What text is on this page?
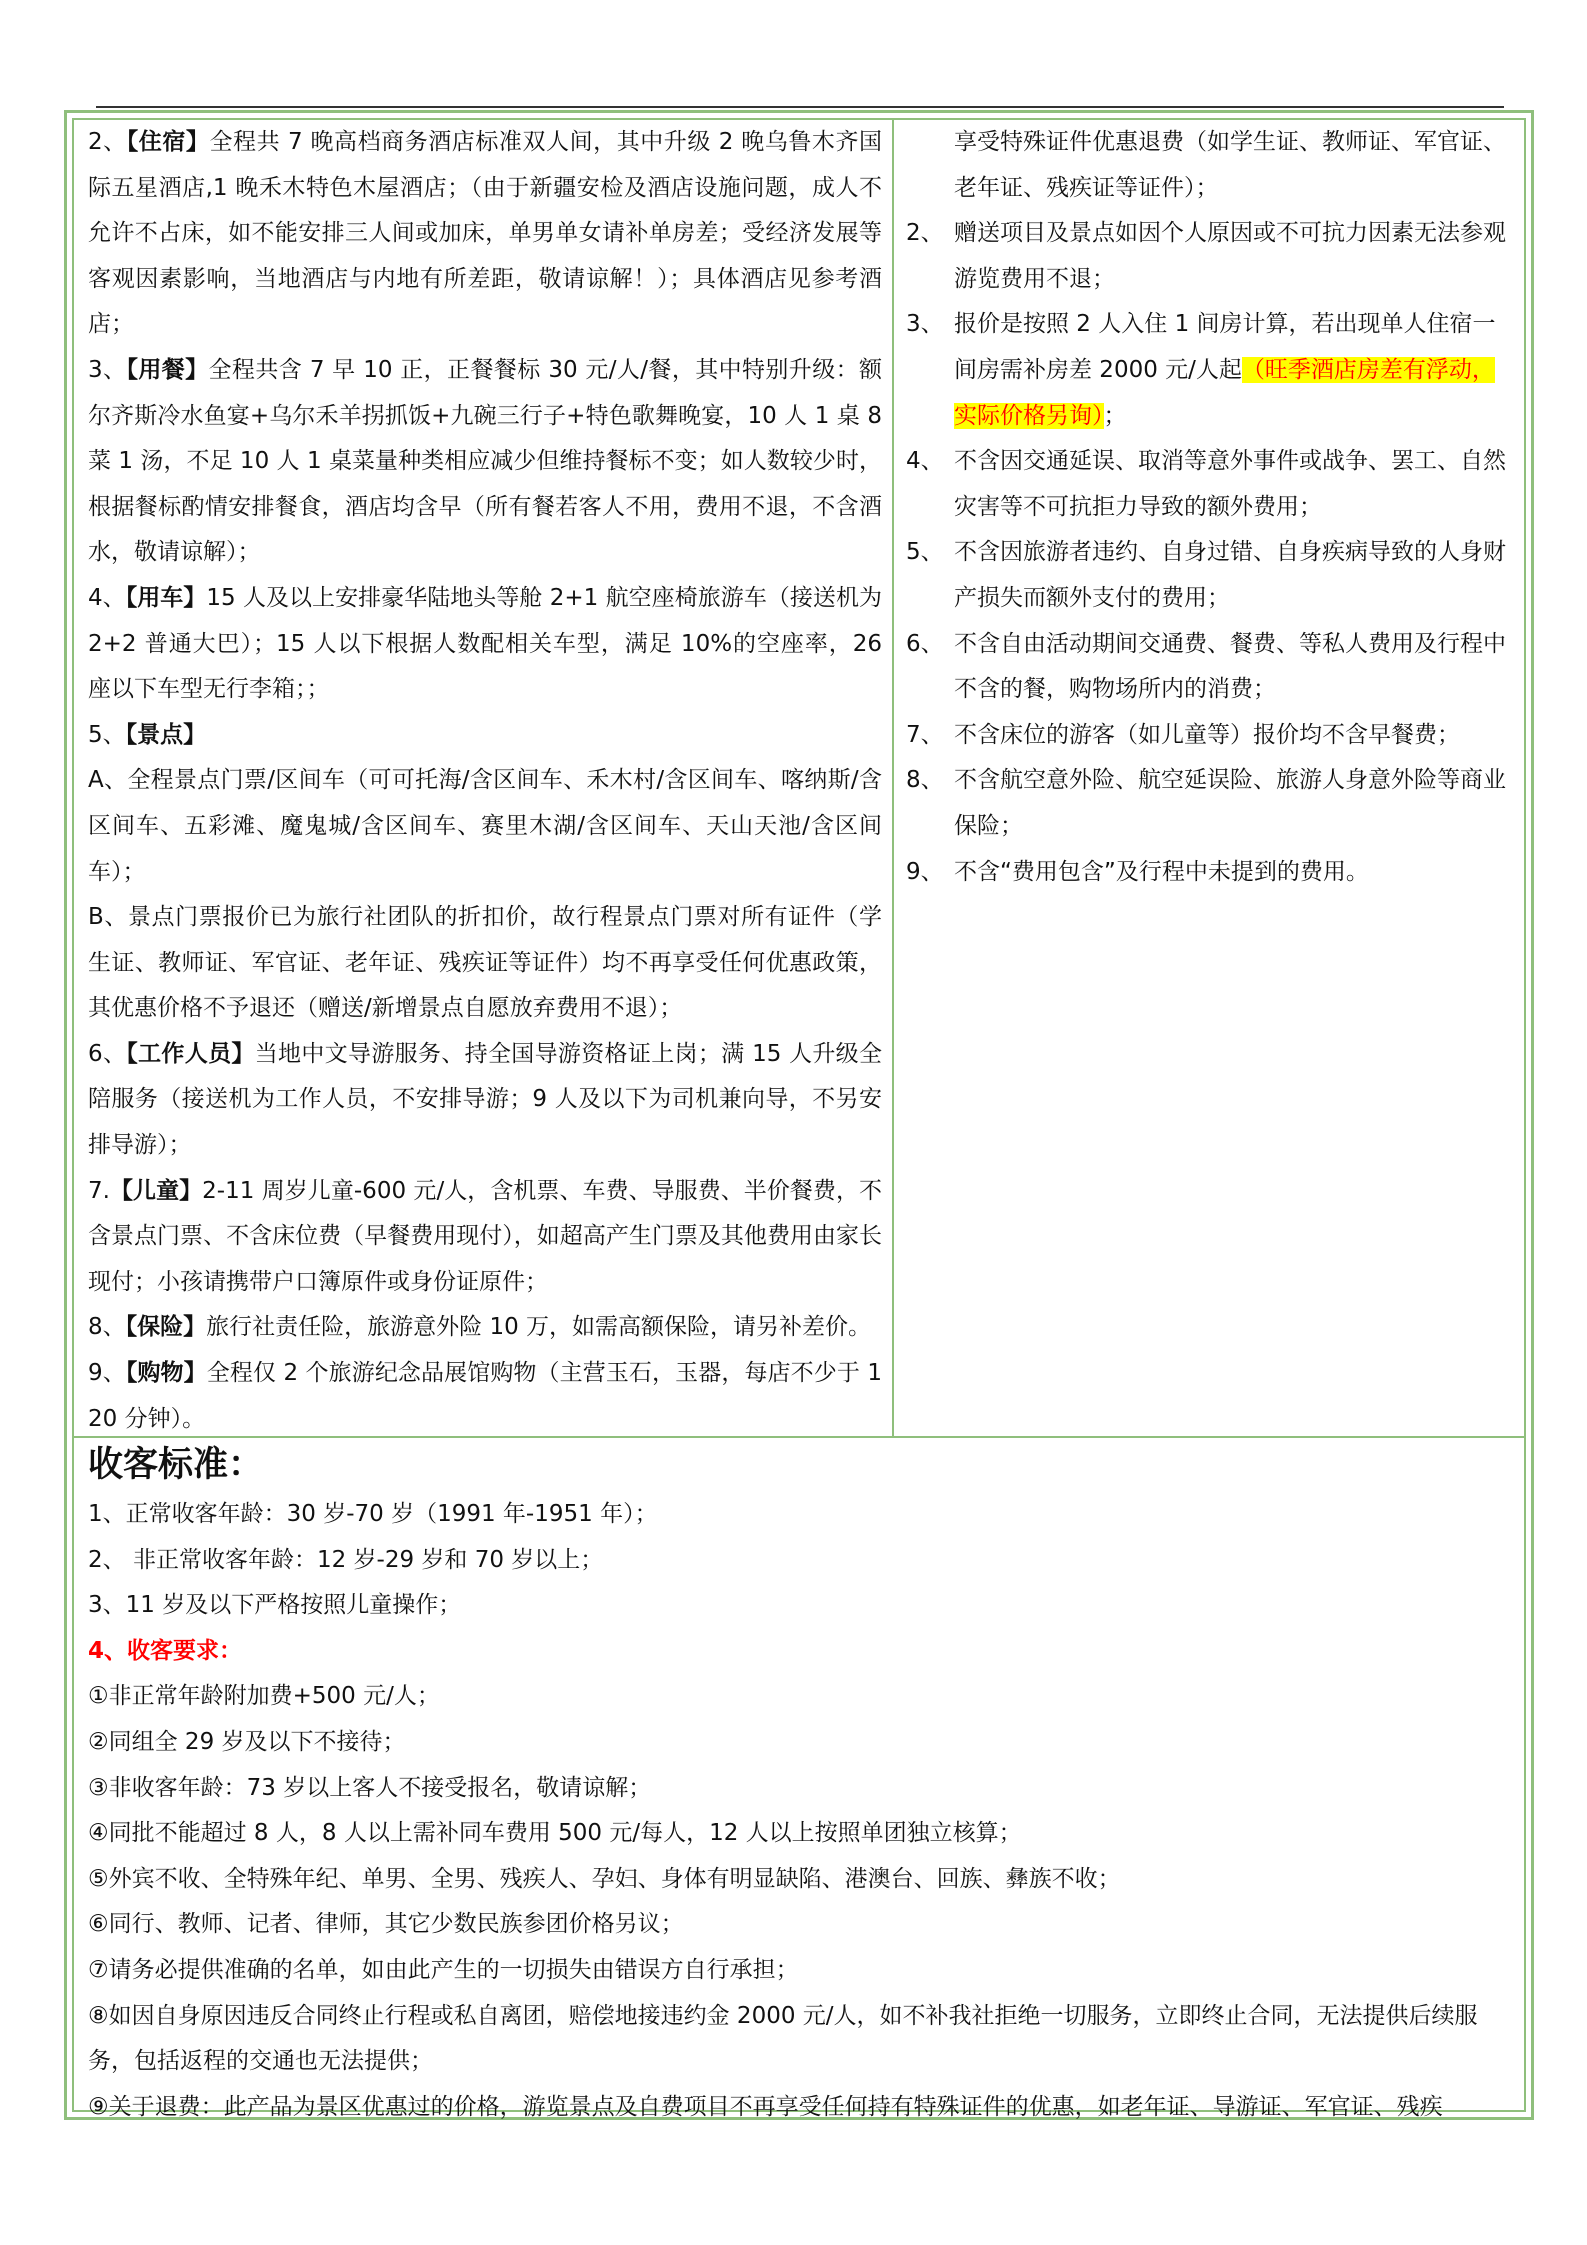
2、【住宿】全程共 7 晚高档商务酒店标准双人间，其中升级 2 晚乌鲁木齐国际五星酒店,1 晚禾木特色木屋酒店；（由于新疆安检及酒店设施问题，成人不允许不占床，如不能安排三人间或加床，单男单女请补单房差；受经济发展等客观因素影响，当地酒店与内地有所差距，敬请谅解！）；具体酒店见参考酒店；

3、【用餐】全程共含 7 早 10 正，正餐餐标 30 元/人/餐，其中特别升级：额尔齐斯冷水鱼宴+乌尔禾羊拐抓饭+九碗三行子+特色歌舞晚宴，10 人 1 桌 8 菜 1 汤，不足 10 人 1 桌菜量种类相应减少但维持餐标不变；如人数较少时，根据餐标酌情安排餐食，酒店均含早（所有餐若客人不用，费用不退，不含酒水，敬请谅解）；

4、【用车】15 人及以上安排豪华陆地头等舱 2+1 航空座椅旅游车（接送机为 2+2 普通大巴）；15 人以下根据人数配相关车型，满足 10%的空座率，26 座以下车型无行李箱；；

5、【景点】

A、全程景点门票/区间车（可可托海/含区间车、禾木村/含区间车、喀纳斯/含区间车、五彩滩、魔鬼城/含区间车、赛里木湖/含区间车、天山天池/含区间车）；

B、景点门票报价已为旅行社团队的折扣价，故行程景点门票对所有证件（学生证、教师证、军官证、老年证、残疾证等证件）均不再享受任何优惠政策，其优惠价格不予退还（赠送/新增景点自愿放弃费用不退）；

6、【工作人员】当地中文导游服务、持全国导游资格证上岗；满 15 人升级全陪服务（接送机为工作人员，不安排导游；9 人及以下为司机兼向导，不另安排导游）；

7.【儿童】2-11 周岁儿童-600 元/人，含机票、车费、导服费、半价餐费，不含景点门票、不含床位费（早餐费用现付），如超高产生门票及其他费用由家长现付；小孩请携带户口簿原件或身份证原件；

8、【保险】旅行社责任险，旅游意外险 10 万，如需高额保险，请另补差价。

9、【购物】全程仅 2 个旅游纪念品展馆购物（主营玉石，玉器，每店不少于 120 分钟）。

享受特殊证件优惠退费（如学生证、教师证、军官证、老年证、残疾证等证件）；
2、 赠送项目及景点如因个人原因或不可抗力因素无法参观游览费用不退；
3、 报价是按照 2 人入住 1 间房计算，若出现单人住宿一间房需补房差 2000 元/人起（旺季酒店房差有浮动，实际价格另询）；
4、 不含因交通延误、取消等意外事件或战争、罢工、自然灾害等不可抗拒力导致的额外费用；
5、 不含因旅游者违约、自身过错、自身疾病导致的人身财产损失而额外支付的费用；
6、 不含自由活动期间交通费、餐费、等私人费用及行程中不含的餐，购物场所内的消费；
7、 不含床位的游客（如儿童等）报价均不含早餐费；
8、 不含航空意外险、航空延误险、旅游人身意外险等商业保险；
9、 不含“费用包含”及行程中未提到的费用。

收客标准：

1、正常收客年龄：30 岁-70 岁（1991 年-1951 年）；

2、 非正常收客年龄：12 岁-29 岁和 70 岁以上；

3、11 岁及以下严格按照儿童操作；

4、收客要求：

①非正常年龄附加费+500 元/人；

②同组全 29 岁及以下不接待；

③非收客年龄：73 岁以上客人不接受报名，敬请谅解；

④同批不能超过 8 人，8 人以上需补同车费用 500 元/每人，12 人以上按照单团独立核算；

⑤外宾不收、全特殊年纪、单男、全男、残疾人、孕妇、身体有明显缺陷、港澳台、回族、彝族不收；

⑥同行、教师、记者、律师，其它少数民族参团价格另议；

⑦请务必提供准确的名单，如由此产生的一切损失由错误方自行承担；

⑧如因自身原因违反合同终止行程或私自离团，赔偿地接违约金 2000 元/人，如不补我社拒绝一切服务，立即终止合同，无法提供后续服务，包括返程的交通也无法提供；

⑨关于退费：此产品为景区优惠过的价格，游览景点及自费项目不再享受任何持有特殊证件的优惠，如老年证、导游证、军官证、残疾
